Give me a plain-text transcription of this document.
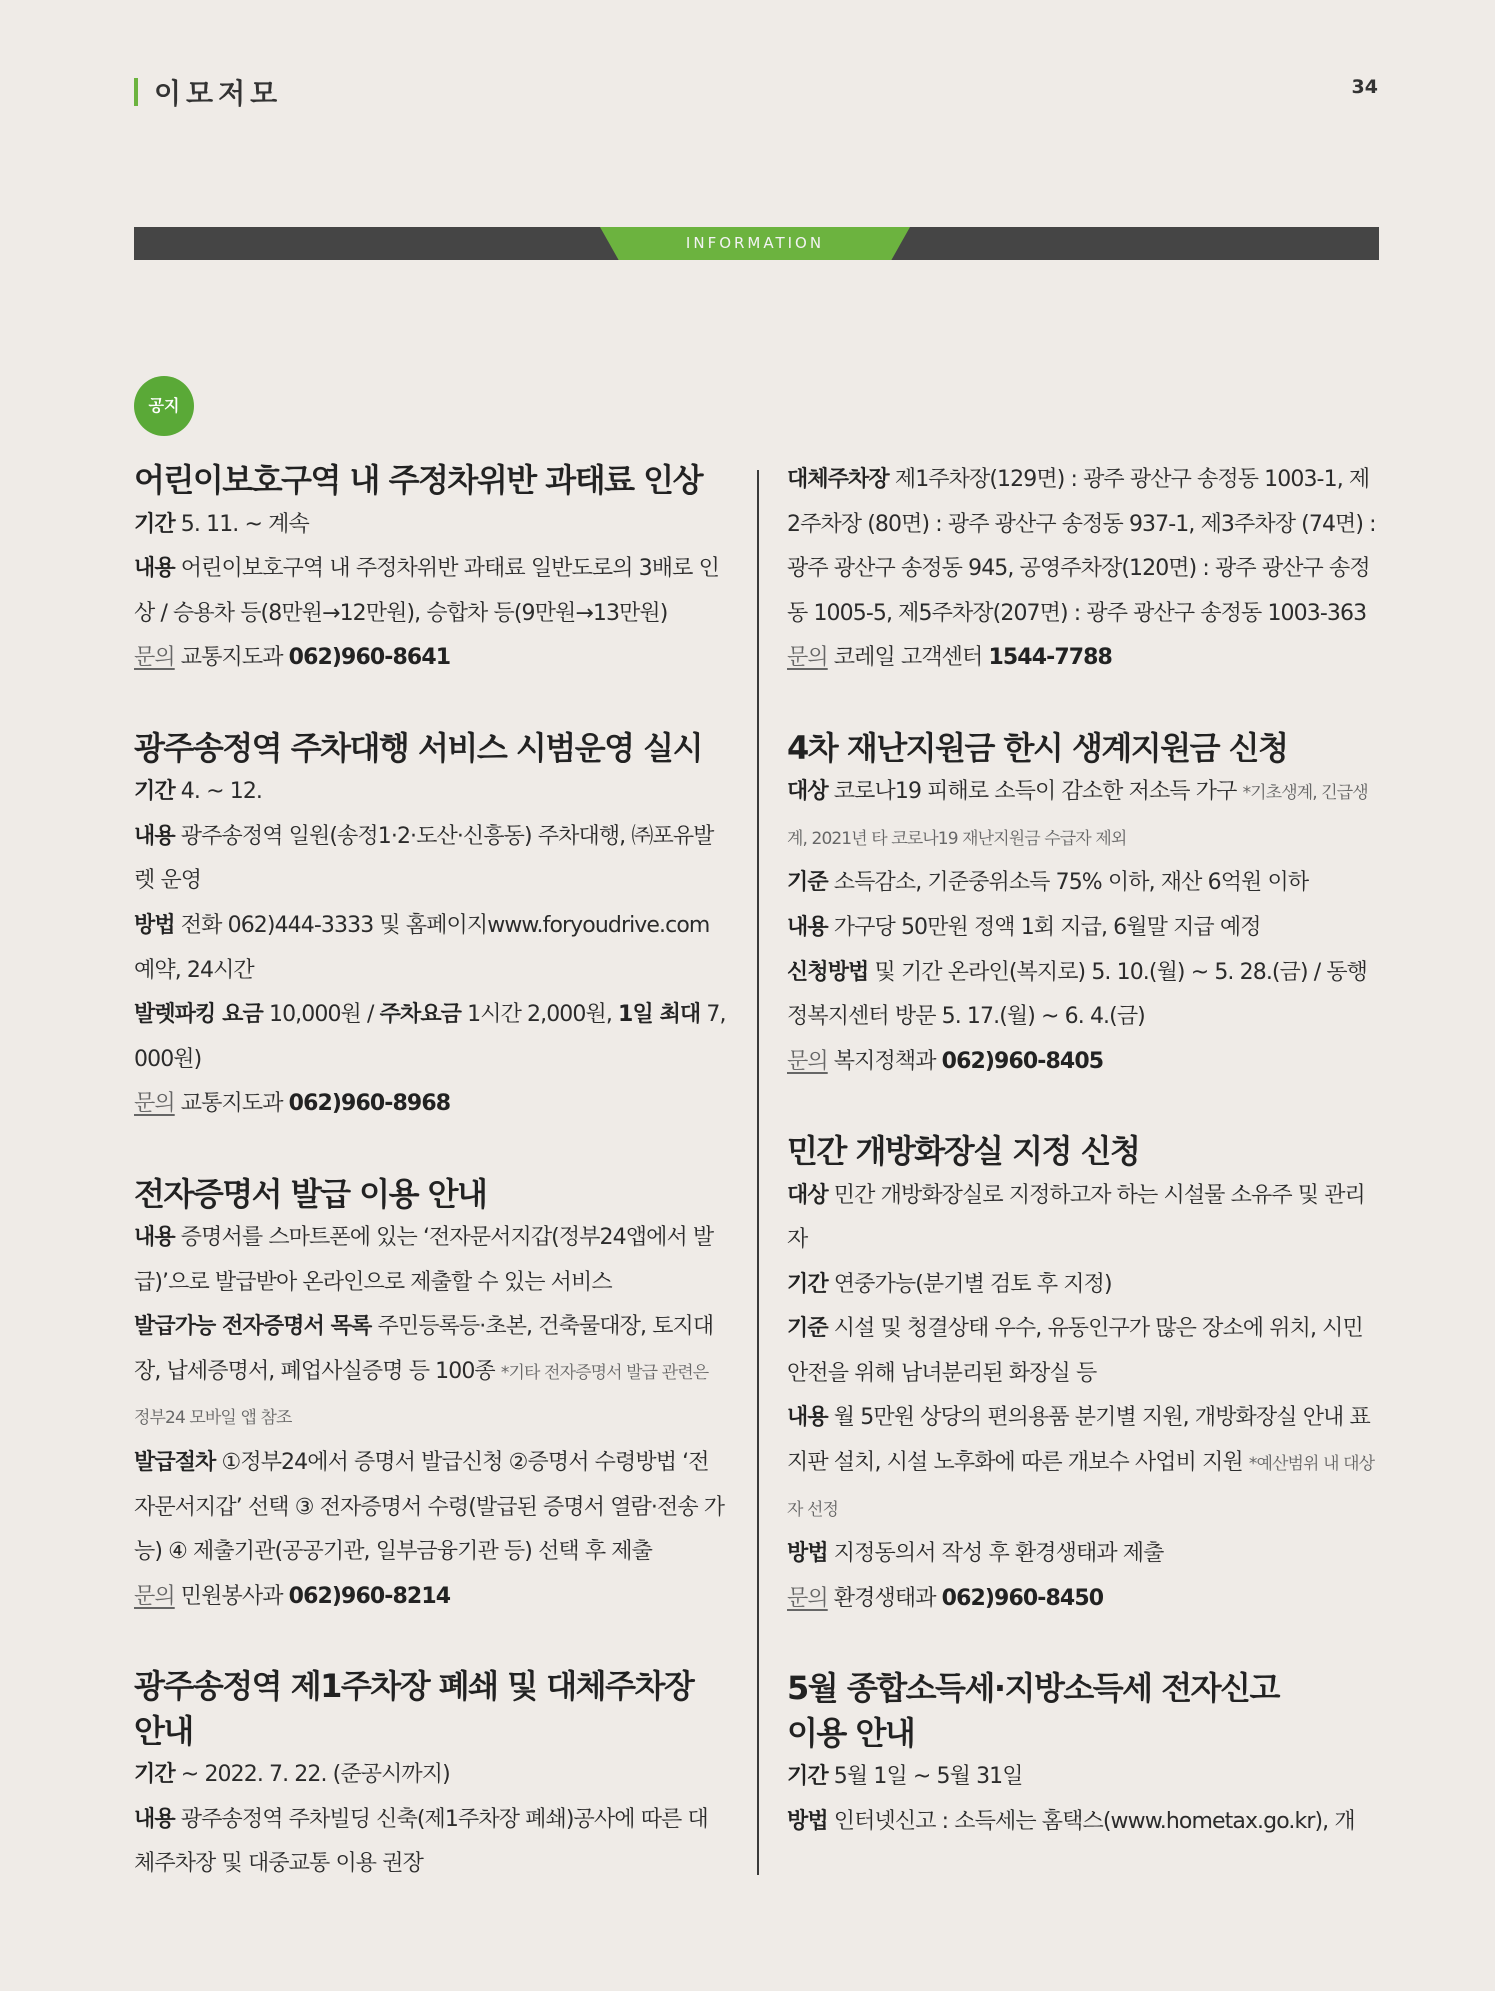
이모저모	34
INFORMATION
공지

어린이보호구역 내 주정차위반 과태료 인상

기간 5. 11. ~ 계속

내용 어린이보호구역 내 주정차위반 과태료 일반도로의 3배로 인상 / 승용차 등(8만원→12만원), 승합차 등(9만원→13만원)

문의 교통지도과 062)960-8641

광주송정역 주차대행 서비스 시범운영 실시

기간 4. ~ 12.

내용 광주송정역 일원(송정1·2·도산·신흥동) 주차대행, ㈜포유발렛 운영

방법 전화 062)444-3333 및 홈페이지www.foryoudrive.com 예약, 24시간

발렛파킹 요금 10,000원 / 주차요금 1시간 2,000원, 1일 최대 7,000원)

문의 교통지도과 062)960-8968

전자증명서 발급 이용 안내

내용 증명서를 스마트폰에 있는 ‘전자문서지갑(정부24앱에서 발급)’으로 발급받아 온라인으로 제출할 수 있는 서비스

발급가능 전자증명서 목록 주민등록등·초본, 건축물대장, 토지대장, 납세증명서, 폐업사실증명 등 100종 *기타 전자증명서 발급 관련은 정부24 모바일 앱 참조

발급절차 ①정부24에서 증명서 발급신청 ②증명서 수령방법 ‘전자문서지갑’ 선택 ③ 전자증명서 수령(발급된 증명서 열람·전송 가능) ④ 제출기관(공공기관, 일부금융기관 등) 선택 후 제출

문의 민원봉사과 062)960-8214

광주송정역 제1주차장 폐쇄 및 대체주차장 안내

기간 ~ 2022. 7. 22. (준공시까지)

내용 광주송정역 주차빌딩 신축(제1주차장 폐쇄)공사에 따른 대체주차장 및 대중교통 이용 권장

대체주차장 제1주차장(129면) : 광주 광산구 송정동 1003-1, 제2주차장 (80면) : 광주 광산구 송정동 937-1, 제3주차장 (74면) : 광주 광산구 송정동 945, 공영주차장(120면) : 광주 광산구 송정동 1005-5, 제5주차장(207면) : 광주 광산구 송정동 1003-363

문의 코레일 고객센터 1544-7788

4차 재난지원금 한시 생계지원금 신청

대상 코로나19 피해로 소득이 감소한 저소득 가구 *기초생계, 긴급생계, 2021년 타 코로나19 재난지원금 수급자 제외

기준 소득감소, 기준중위소득 75% 이하, 재산 6억원 이하

내용 가구당 50만원 정액 1회 지급, 6월말 지급 예정

신청방법 및 기간 온라인(복지로) 5. 10.(월) ~ 5. 28.(금) / 동행정복지센터 방문 5. 17.(월) ~ 6. 4.(금)

문의 복지정책과 062)960-8405

민간 개방화장실 지정 신청

대상 민간 개방화장실로 지정하고자 하는 시설물 소유주 및 관리자

기간 연중가능(분기별 검토 후 지정)

기준 시설 및 청결상태 우수, 유동인구가 많은 장소에 위치, 시민 안전을 위해 남녀분리된 화장실 등

내용 월 5만원 상당의 편의용품 분기별 지원, 개방화장실 안내 표지판 설치, 시설 노후화에 따른 개보수 사업비 지원 *예산범위 내 대상자 선정

방법 지정동의서 작성 후 환경생태과 제출

문의 환경생태과 062)960-8450

5월 종합소득세·지방소득세 전자신고 이용 안내

기간 5월 1일 ~ 5월 31일

방법 인터넷신고 : 소득세는 홈택스(www.hometax.go.kr), 개
